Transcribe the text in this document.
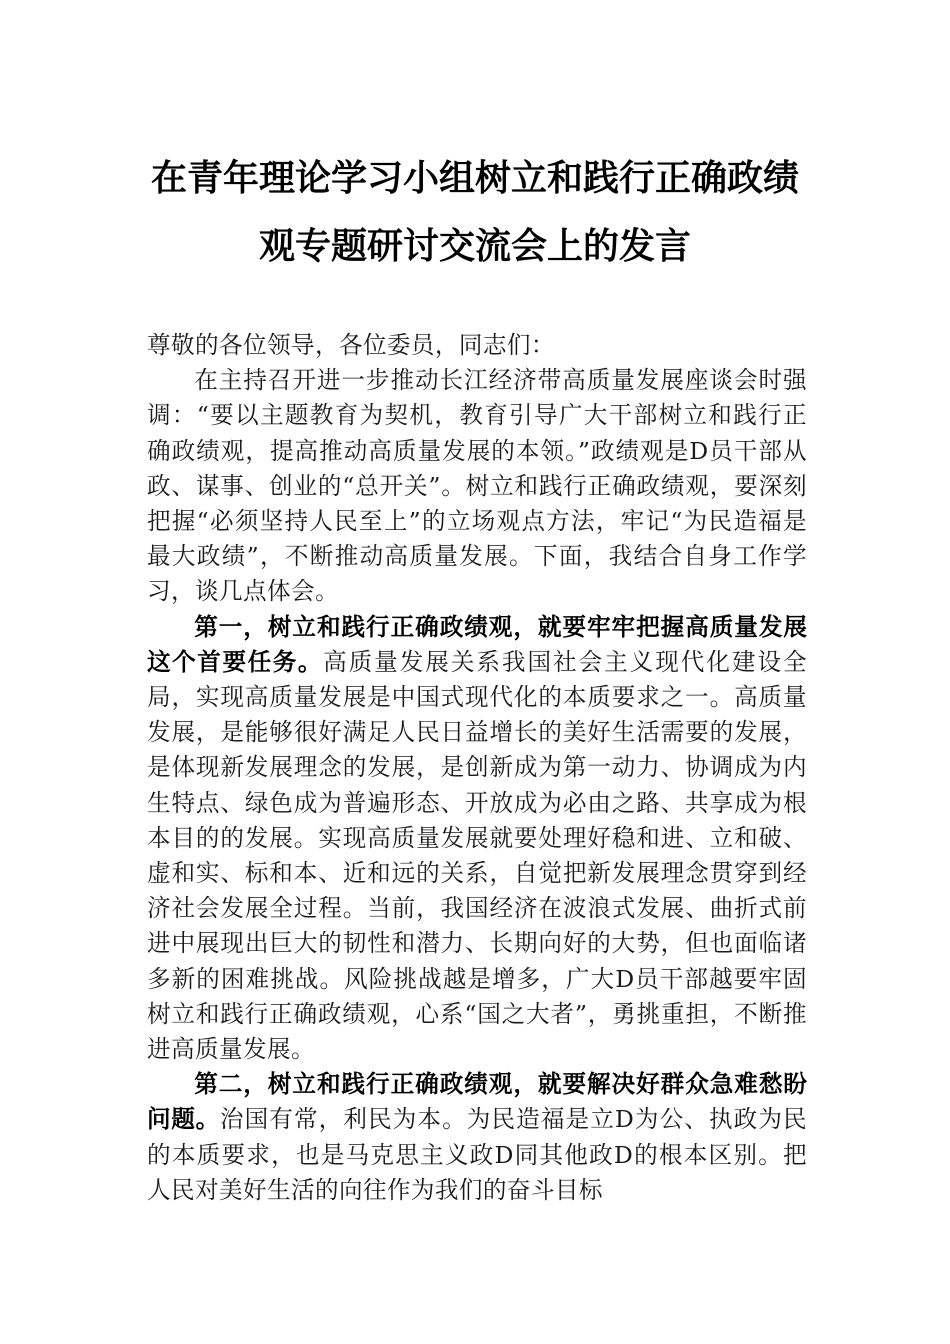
在青年理论学习小组树立和践行正确政绩
观专题研讨交流会上的发言

尊敬的各位领导，各位委员，同志们：

在主持召开进一步推动长江经济带高质量发展座谈会时强调：“要以主题教育为契机，教育引导广大干部树立和践行正确政绩观，提高推动高质量发展的本领。”政绩观是D员干部从政、谋事、创业的“总开关”。树立和践行正确政绩观，要深刻把握“必须坚持人民至上”的立场观点方法，牢记“为民造福是最大政绩”，不断推动高质量发展。下面，我结合自身工作学习，谈几点体会。

第一，树立和践行正确政绩观，就要牢牢把握高质量发展这个首要任务。高质量发展关系我国社会主义现代化建设全局，实现高质量发展是中国式现代化的本质要求之一。高质量发展，是能够很好满足人民日益增长的美好生活需要的发展，是体现新发展理念的发展，是创新成为第一动力、协调成为内生特点、绿色成为普遍形态、开放成为必由之路、共享成为根本目的的发展。实现高质量发展就要处理好稳和进、立和破、虚和实、标和本、近和远的关系，自觉把新发展理念贯穿到经济社会发展全过程。当前，我国经济在波浪式发展、曲折式前进中展现出巨大的韧性和潜力、长期向好的大势，但也面临诸多新的困难挑战。风险挑战越是增多，广大D员干部越要牢固树立和践行正确政绩观，心系“国之大者”，勇挑重担，不断推进高质量发展。

第二，树立和践行正确政绩观，就要解决好群众急难愁盼问题。治国有常，利民为本。为民造福是立D为公、执政为民的本质要求，也是马克思主义政D同其他政D的根本区别。把人民对美好生活的向往作为我们的奋斗目标
